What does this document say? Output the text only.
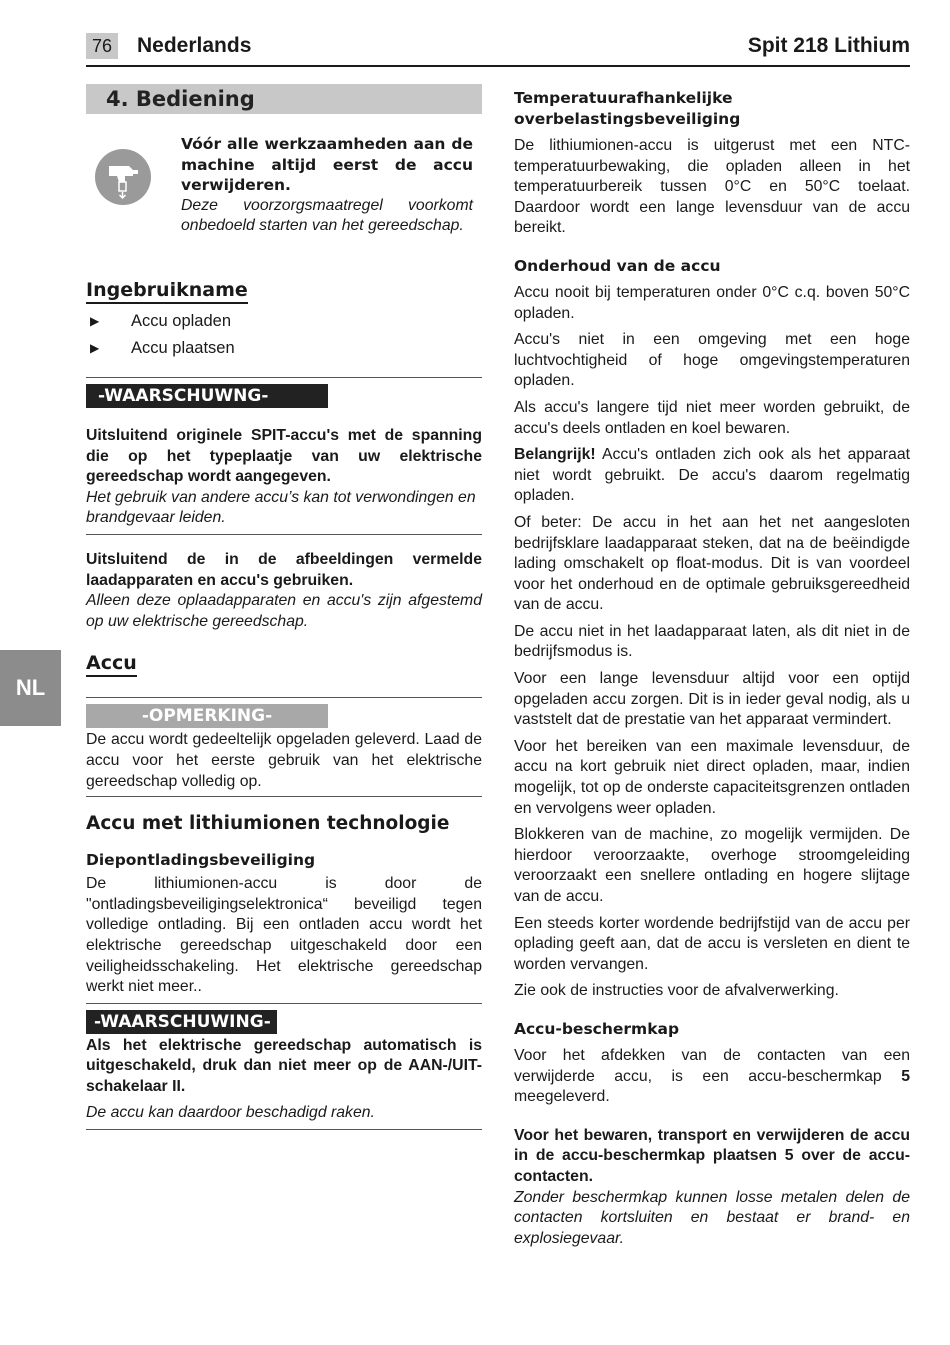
76 Nederlands	Spit 218 Lithium
NL
4. Bediening

Vóór alle werkzaamheden aan de machine altijd eerst de accu verwijderen.

Deze voorzorgsmaatregel voorkomt onbedoeld starten van het gereedschap.

Ingebruikname
▶ Accu opladen
▶ Accu plaatsen
-WAARSCHUWNG-

Uitsluitend originele SPIT-accu's met de spanning die op het typeplaatje van uw elektrische gereedschap wordt aangegeven.

Het gebruik van andere accu’s kan tot verwondingen en brandgevaar leiden.

Uitsluitend de in de afbeeldingen vermelde laadapparaten en accu's gebruiken.

Alleen deze oplaadapparaten en accu's zijn afgestemd op uw elektrische gereedschap.

Accu
-OPMERKING-

De accu wordt gedeeltelijk opgeladen geleverd. Laad de accu voor het eerste gebruik van het elektrische gereedschap volledig op.

Accu met lithiumionen technologie

Diepontladingsbeveiliging

De lithiumionen-accu is door de "ontladingsbeveiligingselektronica“ beveiligd tegen volledige ontlading. Bij een ontladen accu wordt het elektrische gereedschap uitgeschakeld door een veiligheidsschakeling. Het elektrische gereedschap werkt niet meer..

-WAARSCHUWING-

Als het elektrische gereedschap automatisch is uitgeschakeld, druk dan niet meer op de AAN-/UIT-schakelaar II.

De accu kan daardoor beschadigd raken.

Temperatuurafhankelijke overbelastingsbeveiliging

De lithiumionen-accu is uitgerust met een NTC-temperatuurbewaking, die opladen alleen in het temperatuurbereik tussen 0°C en 50°C toelaat. Daardoor wordt een lange levensduur van de accu bereikt.

Onderhoud van de accu

Accu nooit bij temperaturen onder 0°C c.q. boven 50°C opladen.

Accu's niet in een omgeving met een hoge luchtvochtigheid of hoge omgevingstemperaturen opladen.

Als accu's langere tijd niet meer worden gebruikt, de accu's deels ontladen en koel bewaren.

Belangrijk! Accu's ontladen zich ook als het apparaat niet wordt gebruikt. De accu's daarom regelmatig opladen.

Of beter: De accu in het aan het net aangesloten bedrijfsklare laadapparaat steken, dat na de beëindigde lading omschakelt op float-modus. Dit is van voordeel voor het onderhoud en de optimale gebruiksgereedheid van de accu.

De accu niet in het laadapparaat laten, als dit niet in de bedrijfsmodus is.

Voor een lange levensduur altijd voor een optijd opgeladen accu zorgen. Dit is in ieder geval nodig, als u vaststelt dat de prestatie van het apparaat vermindert.

Voor het bereiken van een maximale levensduur, de accu na kort gebruik niet direct opladen, maar, indien mogelijk, tot op de onderste capaciteitsgrenzen ontladen en vervolgens weer opladen.

Blokkeren van de machine, zo mogelijk vermijden. De hierdoor veroorzaakte, overhoge stroomgeleiding veroorzaakt een snellere ontlading en hogere slijtage van de accu.

Een steeds korter wordende bedrijfstijd van de accu per oplading geeft aan, dat de accu is versleten en dient te worden vervangen.

Zie ook de instructies voor de afvalverwerking.

Accu-beschermkap

Voor het afdekken van de contacten van een verwijderde accu, is een accu-beschermkap 5 meegeleverd.

Voor het bewaren, transport en verwijderen de accu in de accu-beschermkap plaatsen 5 over de accu-contacten.

Zonder beschermkap kunnen losse metalen delen de contacten kortsluiten en bestaat er brand- en explosiegevaar.
